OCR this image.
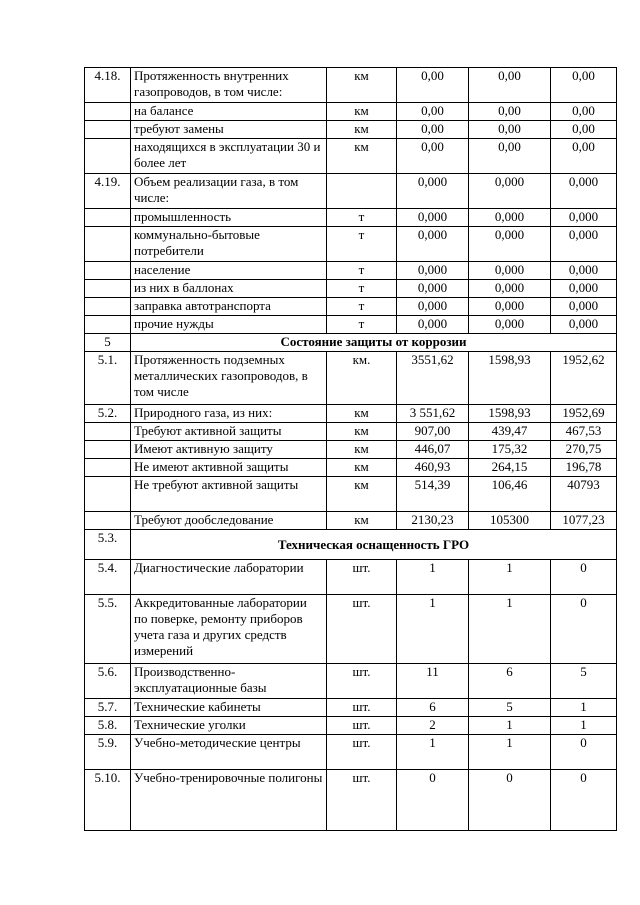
4.18.	Протяженность внутренних газопроводов, в том числе:	км	0,00	0,00	0,00
	на балансе	км	0,00	0,00	0,00
	требуют замены	км	0,00	0,00	0,00
	находящихся в эксплуатации 30 и более лет	км	0,00	0,00	0,00
4.19.	Объем реализации газа, в том числе:		0,000	0,000	0,000
	промышленность	т	0,000	0,000	0,000
	коммунально-бытовые потребители	т	0,000	0,000	0,000
	население	т	0,000	0,000	0,000
	из них в баллонах	т	0,000	0,000	0,000
	заправка автотранспорта	т	0,000	0,000	0,000
	прочие нужды	т	0,000	0,000	0,000
5	Состояние защиты от коррозии				
5.1.	Протяженность подземных металлических газопроводов, в том числе	км.	3551,62	1598,93	1952,62
5.2.	Природного газа, из них:	км	3 551,62	1598,93	1952,69
	Требуют активной защиты	км	907,00	439,47	467,53
	Имеют активную защиту	км	446,07	175,32	270,75
	Не имеют активной защиты	км	460,93	264,15	196,78
	Не требуют активной защиты	км	514,39	106,46	40793
	Требуют дообследование	км	2130,23	105300	1077,23
5.3.	Техническая оснащенность ГРО				
5.4.	Диагностические лаборатории	шт.	1	1	0
5.5.	Аккредитованные лаборатории по поверке, ремонту приборов учета газа и других средств измерений	шт.	1	1	0
5.6.	Производственно-эксплуатационные базы	шт.	11	6	5
5.7.	Технические кабинеты	шт.	6	5	1
5.8.	Технические уголки	шт.	2	1	1
5.9.	Учебно-методические центры	шт.	1	1	0
5.10.	Учебно-тренировочные полигоны	шт.	0	0	0
